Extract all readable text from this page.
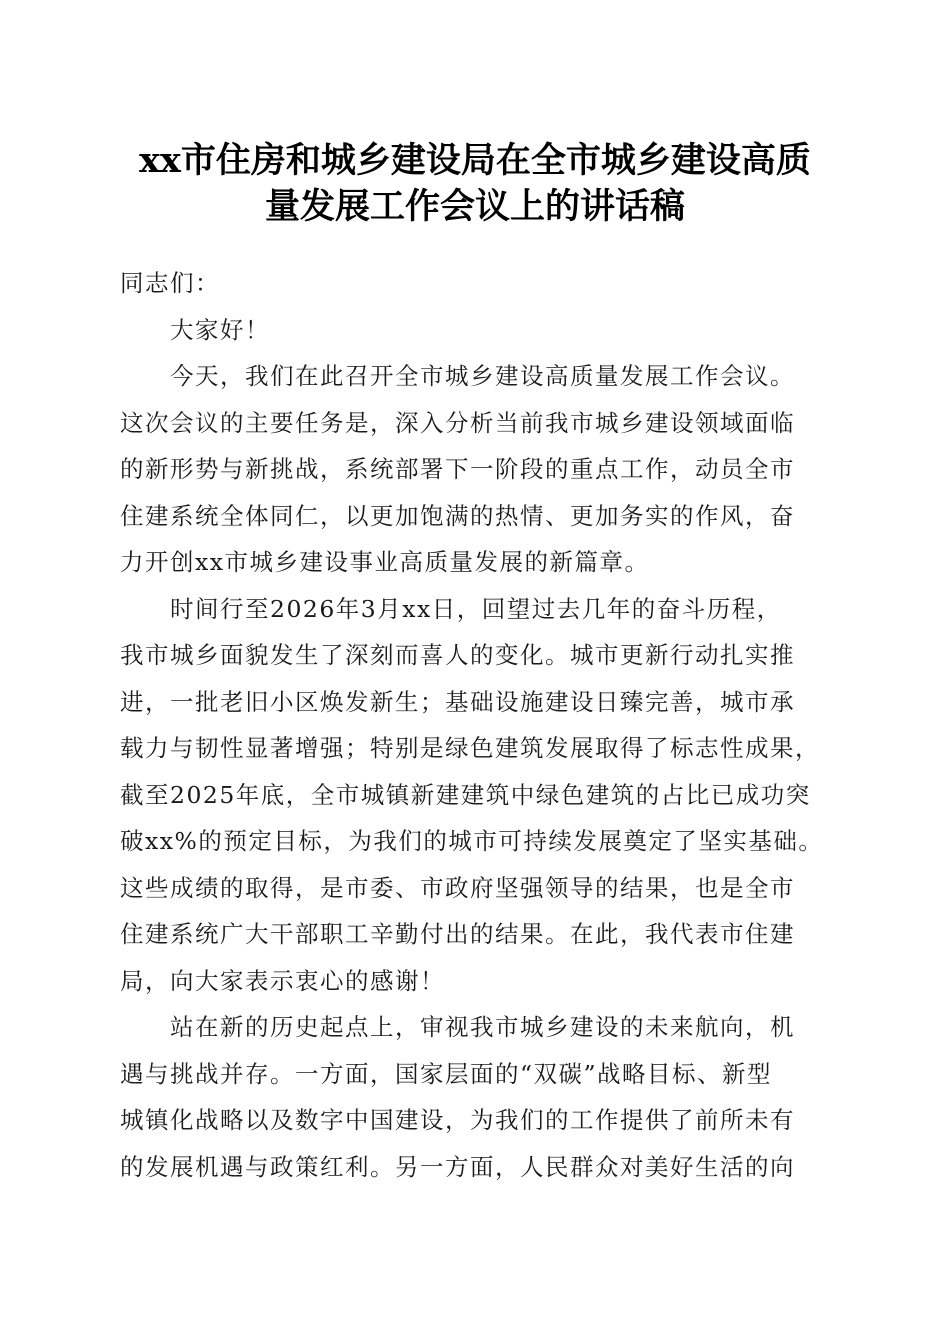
xx市住房和城乡建设局在全市城乡建设高质
量发展工作会议上的讲话稿
同志们：
大家好！
今天，我们在此召开全市城乡建设高质量发展工作会议。
这次会议的主要任务是，深入分析当前我市城乡建设领域面临
的新形势与新挑战，系统部署下一阶段的重点工作，动员全市
住建系统全体同仁，以更加饱满的热情、更加务实的作风，奋
力开创xx市城乡建设事业高质量发展的新篇章。
时间行至2026年3月xx日，回望过去几年的奋斗历程，
我市城乡面貌发生了深刻而喜人的变化。城市更新行动扎实推
进，一批老旧小区焕发新生；基础设施建设日臻完善，城市承
载力与韧性显著增强；特别是绿色建筑发展取得了标志性成果，
截至2025年底，全市城镇新建建筑中绿色建筑的占比已成功突
破xx%的预定目标，为我们的城市可持续发展奠定了坚实基础。
这些成绩的取得，是市委、市政府坚强领导的结果，也是全市
住建系统广大干部职工辛勤付出的结果。在此，我代表市住建
局，向大家表示衷心的感谢！
站在新的历史起点上，审视我市城乡建设的未来航向，机
遇与挑战并存。一方面，国家层面的“双碳”战略目标、新型
城镇化战略以及数字中国建设，为我们的工作提供了前所未有
的发展机遇与政策红利。另一方面，人民群众对美好生活的向
